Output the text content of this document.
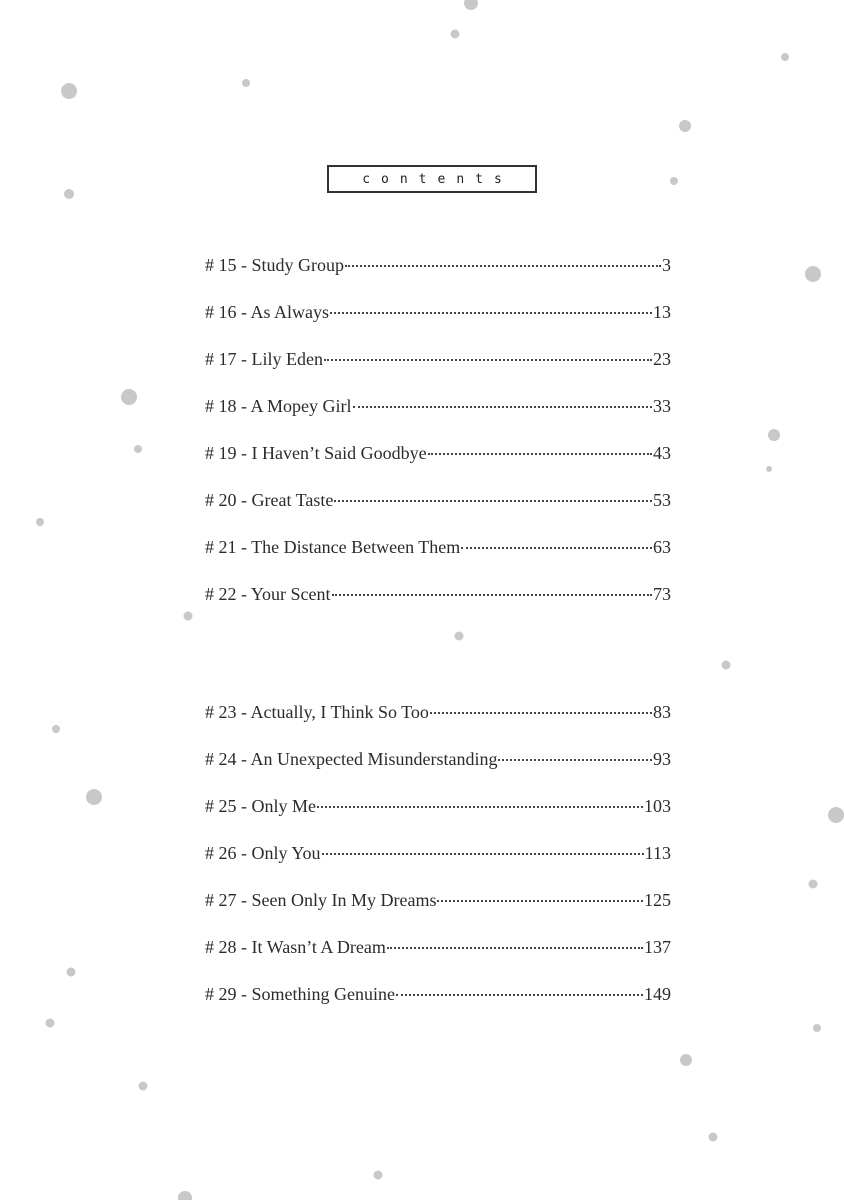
contents
# 15 - Study Group	3
# 16 - As Always	13
# 17 - Lily Eden	23
# 18 - A Mopey Girl	33
# 19 - I Haven’t Said Goodbye	43
# 20 - Great Taste	53
# 21 - The Distance Between Them	63
# 22 - Your Scent	73
# 23 - Actually, I Think So Too	83
# 24 - An Unexpected Misunderstanding	93
# 25 - Only Me	103
# 26 - Only You	113
# 27 - Seen Only In My Dreams	125
# 28 - It Wasn’t A Dream	137
# 29 - Something Genuine	149
